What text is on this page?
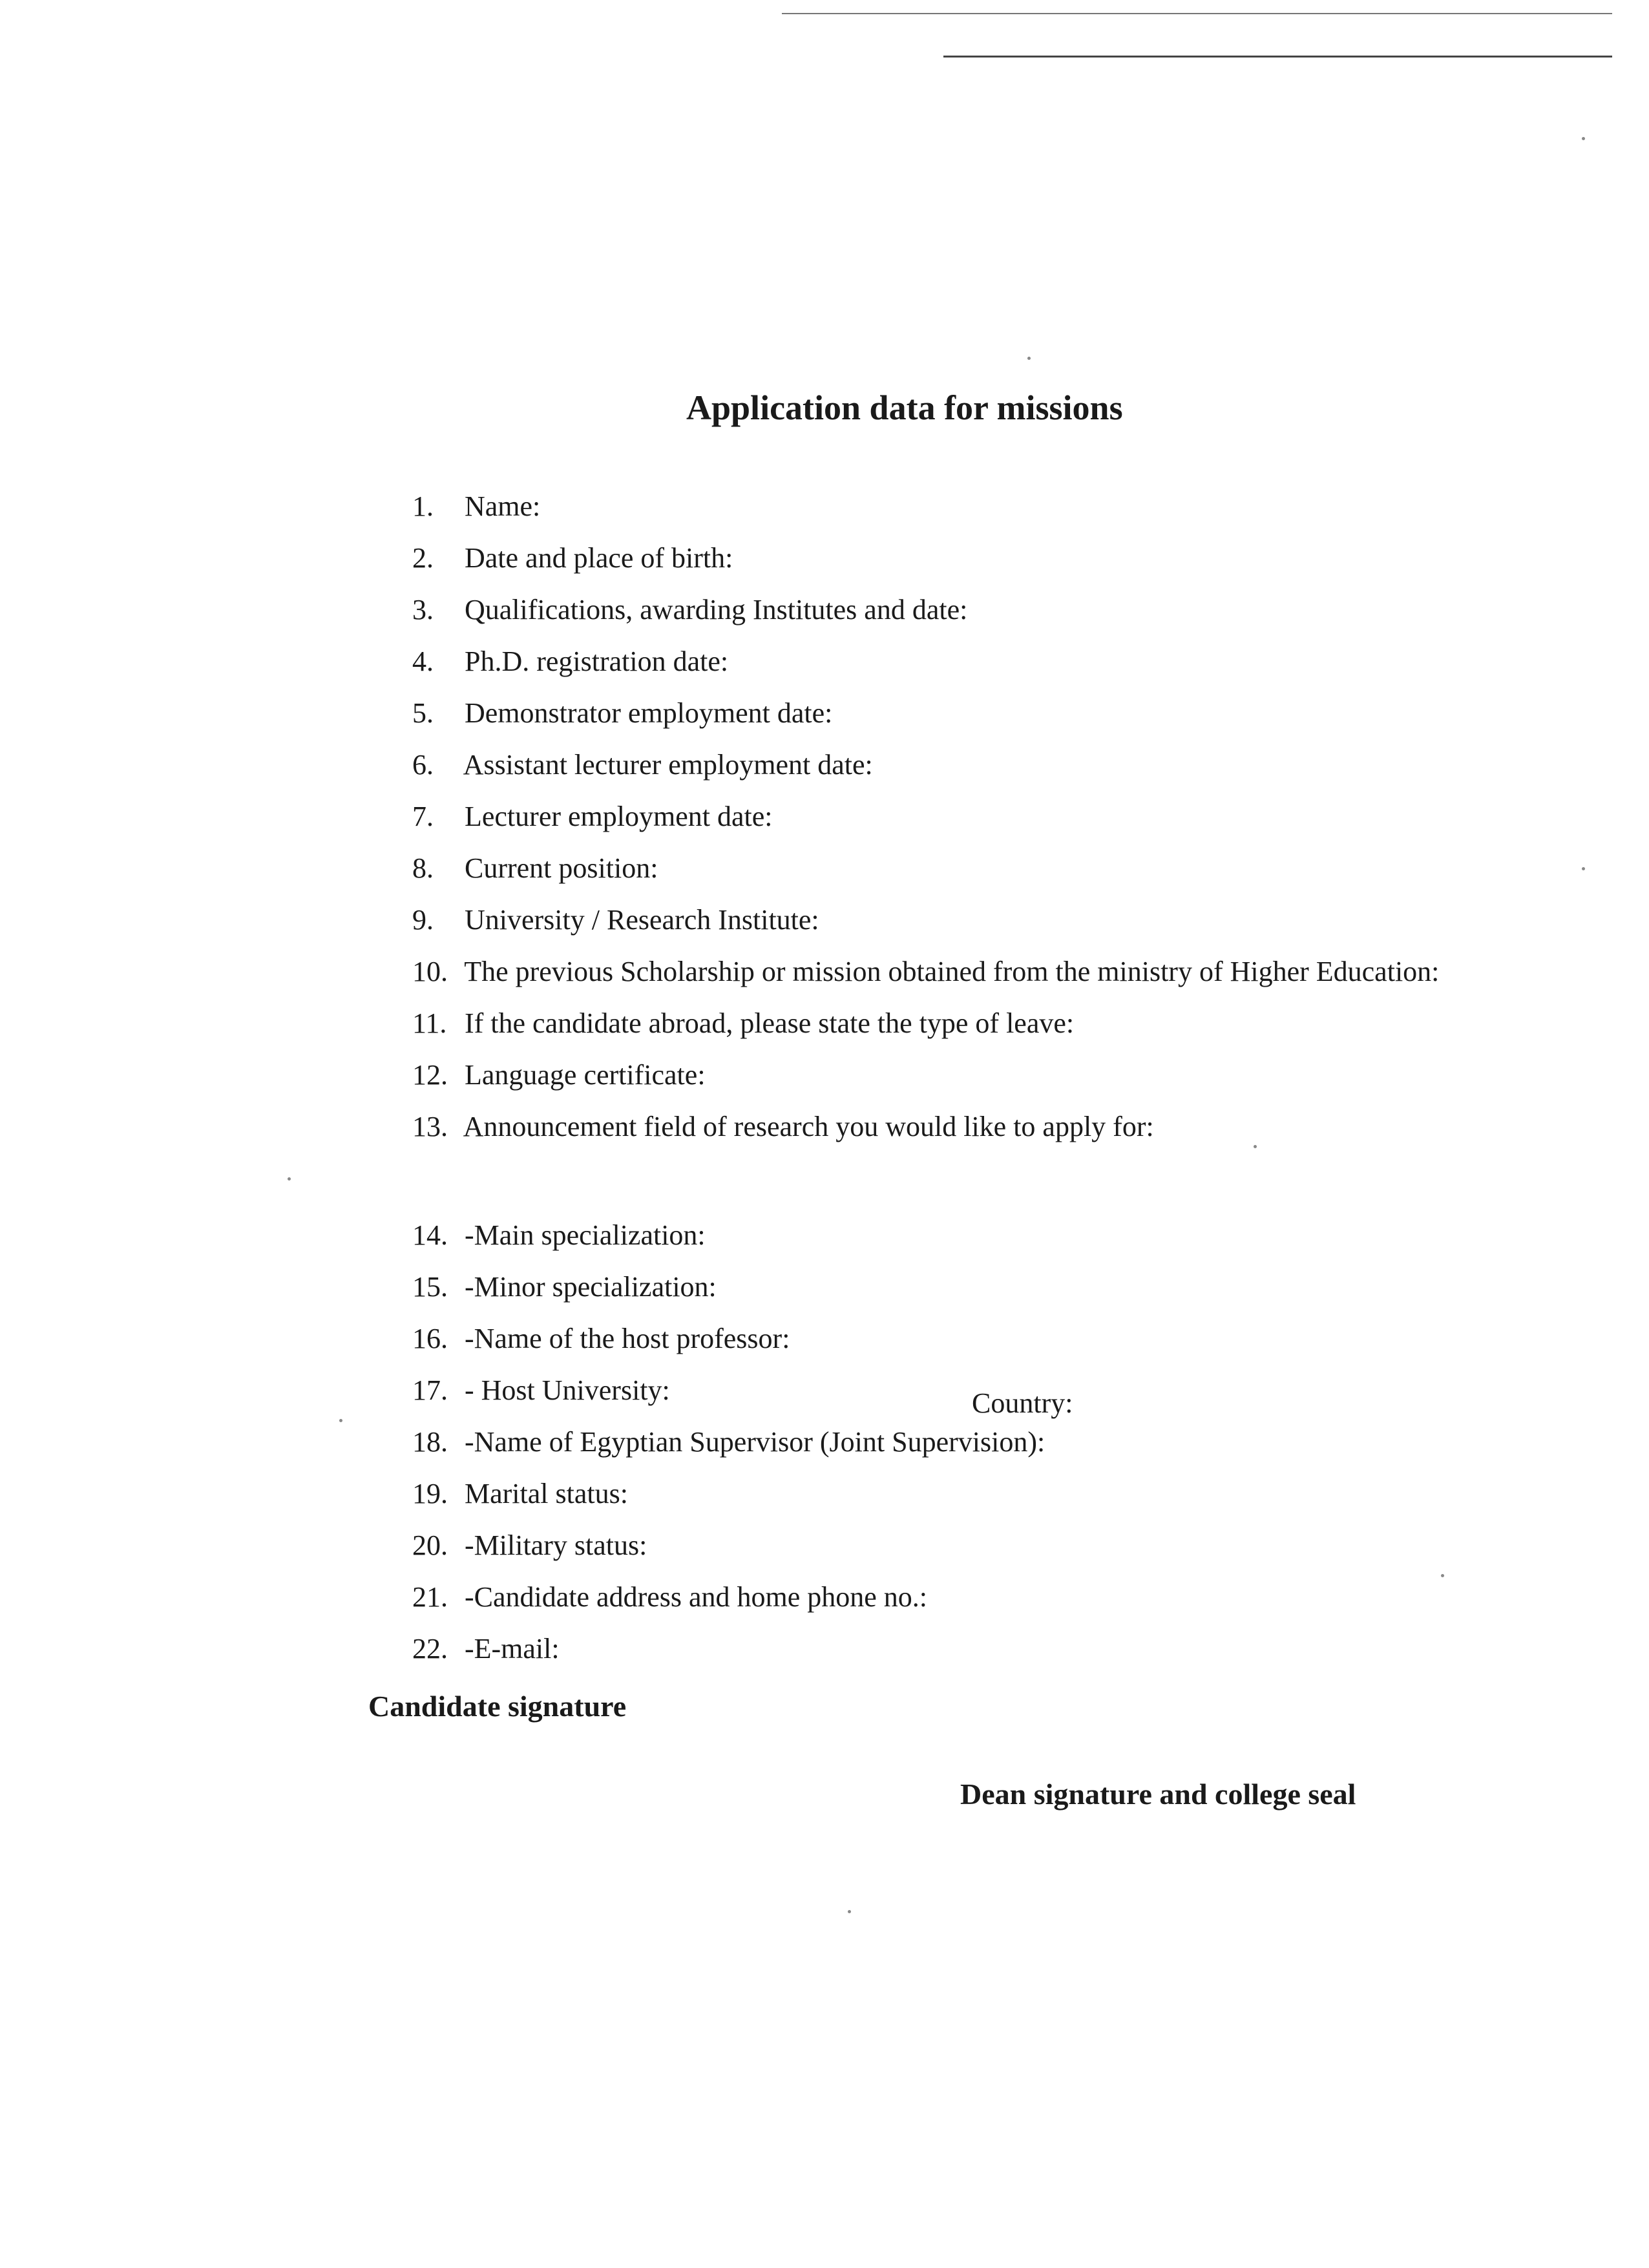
Application data for missions
1. Name:
2. Date and place of birth:
3. Qualifications, awarding Institutes and date:
4. Ph.D. registration date:
5. Demonstrator employment date:
6. Assistant lecturer employment date:
7. Lecturer employment date:
8. Current position:
9. University / Research Institute:
10. The previous Scholarship or mission obtained from the ministry of Higher Education:
11. If the candidate abroad, please state the type of leave:
12. Language certificate:
13. Announcement field of research you would like to apply for:
14. -Main specialization:
15. -Minor specialization:
16. -Name of the host professor:
17. - Host University:
18. -Name of Egyptian Supervisor (Joint Supervision):
19. Marital status:
20. -Military status:
21. -Candidate address and home phone no.:
22. -E-mail:
Country:
Candidate signature
Dean signature and college seal
